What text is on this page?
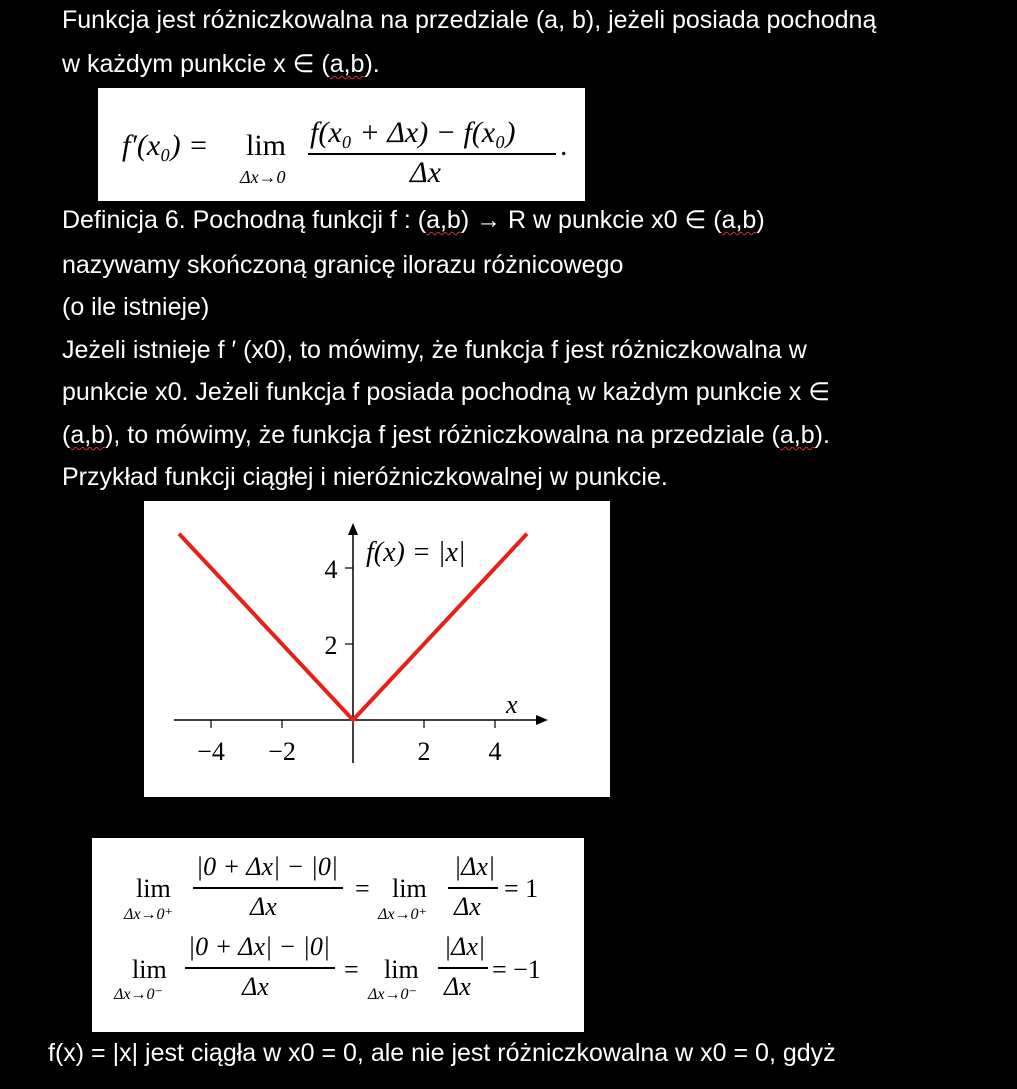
Funkcja jest różniczkowalna na przedziale (a, b), jeżeli posiada pochodną
w każdym punkcie x ∈ (a,b).
f′(x₀) = lim
Δx→0
f(x₀ + Δx) − f(x₀)
Δx
.
Definicja 6. Pochodną funkcji f : (a,b) → R w punkcie x0 ∈ (a,b)
nazywamy skończoną granicę ilorazu różnicowego
(o ile istnieje)
Jeżeli istnieje f ′ (x0), to mówimy, że funkcja f jest różniczkowalna w
punkcie x0. Jeżeli funkcja f posiada pochodną w każdym punkcie x ∈
(a,b), to mówimy, że funkcja f jest różniczkowalna na przedziale (a,b).
Przykład funkcji ciągłej i nieróżniczkowalnej w punkcie.
−4 −2	2 4
2
4
f(x) = |x|
x
lim
Δx→0⁺
|0 + Δx| − |0|
Δx
= lim
Δx→0⁺
|Δx|
Δx
= 1
lim
Δx→0⁻
|0 + Δx| − |0|
Δx
= lim
Δx→0⁻
|Δx|
Δx
= −1
f(x) = |x| jest ciągła w x0 = 0, ale nie jest różniczkowalna w x0 = 0, gdyż
